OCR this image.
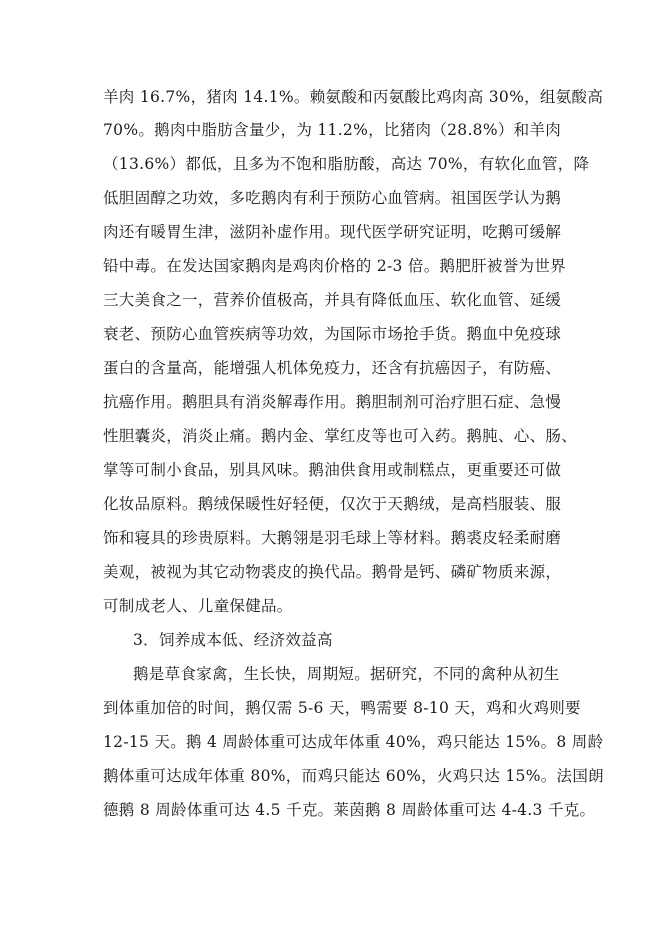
羊肉 16.7%，猪肉 14.1%。赖氨酸和丙氨酸比鸡肉高 30%，组氨酸高
70%。鹅肉中脂肪含量少，为 11.2%，比猪肉（28.8%）和羊肉
（13.6%）都低，且多为不饱和脂肪酸，高达 70%，有软化血管，降
低胆固醇之功效，多吃鹅肉有利于预防心血管病。祖国医学认为鹅
肉还有暖胃生津，滋阴补虚作用。现代医学研究证明，吃鹅可缓解
铅中毒。在发达国家鹅肉是鸡肉价格的 2-3 倍。鹅肥肝被誉为世界
三大美食之一，营养价值极高，并具有降低血压、软化血管、延缓
衰老、预防心血管疾病等功效，为国际市场抢手货。鹅血中免疫球
蛋白的含量高，能增强人机体免疫力，还含有抗癌因子，有防癌、
抗癌作用。鹅胆具有消炎解毒作用。鹅胆制剂可治疗胆石症、急慢
性胆囊炎，消炎止痛。鹅内金、掌红皮等也可入药。鹅肫、心、肠、
掌等可制小食品，别具风味。鹅油供食用或制糕点，更重要还可做
化妆品原料。鹅绒保暖性好轻便，仅次于天鹅绒，是高档服装、服
饰和寝具的珍贵原料。大鹅翎是羽毛球上等材料。鹅裘皮轻柔耐磨
美观，被视为其它动物裘皮的换代品。鹅骨是钙、磷矿物质来源，
可制成老人、儿童保健品。
3．饲养成本低、经济效益高
鹅是草食家禽，生长快，周期短。据研究，不同的禽种从初生
到体重加倍的时间，鹅仅需 5-6 天，鸭需要 8-10 天，鸡和火鸡则要
12-15 天。鹅 4 周龄体重可达成年体重 40%，鸡只能达 15%。8 周龄
鹅体重可达成年体重 80%，而鸡只能达 60%，火鸡只达 15%。法国朗
德鹅 8 周龄体重可达 4.5 千克。莱茵鹅 8 周龄体重可达 4-4.3 千克。
